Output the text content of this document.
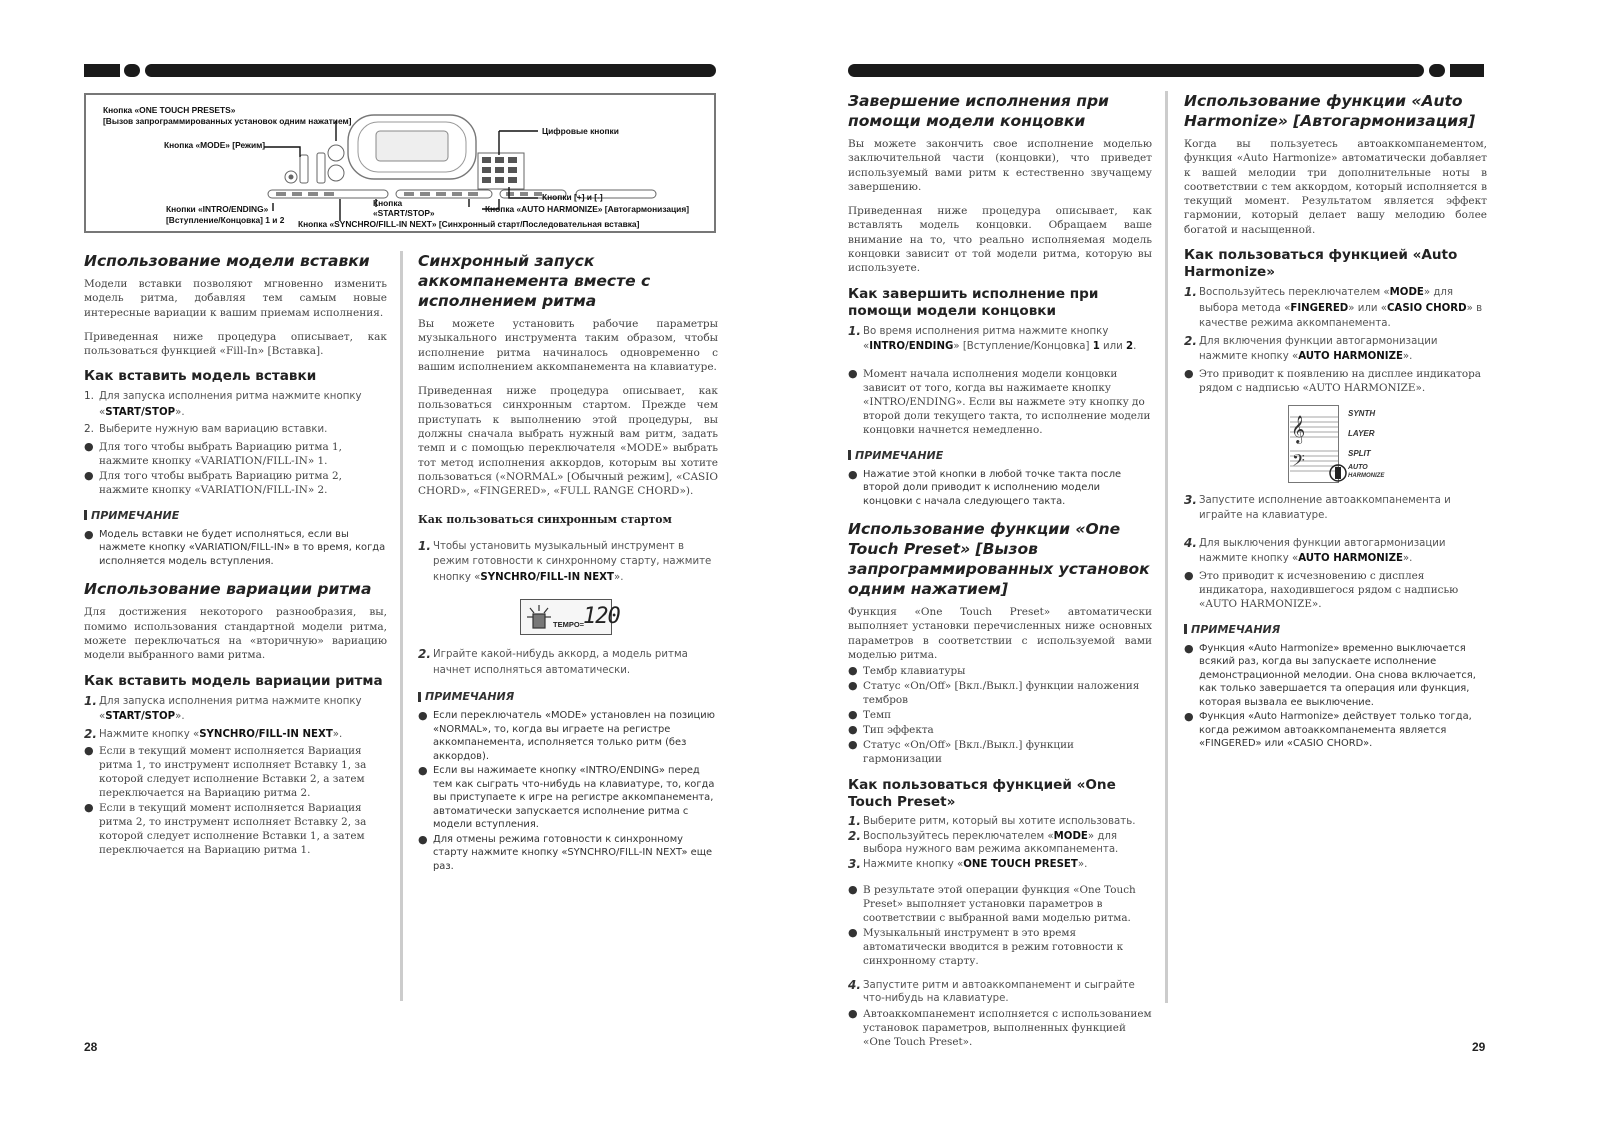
Кнопка «ONE TOUCH PRESETS»
[Вызов запрограммированных установок одним нажатием]
Кнопка «MODE» [Режим]
Цифровые кнопки
Кнопки [+] и [-]
Кнопки «INTRO/ENDING»
[Вступление/Концовка] 1 и 2
Кнопка
«START/STOP»	Кнопка «AUTO HARMONIZE» [Автогармонизация]
Кнопка «SYNCHRO/FILL-IN NEXT» [Синхронный старт/Последовательная вставка]
Использование модели вставки

Модели вставки позволяют мгновенно изменить модель ритма, добавляя тем самым новые интересные вариации к вашим приемам исполнения.

Приведенная ниже процедура описывает, как пользоваться функцией «Fill-In» [Вставка].

Как вставить модель вставки
1. Для запуска исполнения ритма нажмите кнопку «START/STOP».
2. Выберите нужную вам вариацию вставки.
● Для того чтобы выбрать Вариацию ритма 1, нажмите кнопку «VARIATION/FILL-IN» 1.
● Для того чтобы выбрать Вариацию ритма 2, нажмите кнопку «VARIATION/FILL-IN» 2.
ПРИМЕЧАНИЕ
● Модель вставки не будет исполняться, если вы нажмете кнопку «VARIATION/FILL-IN» в то время, когда исполняется модель вступления.
Использование вариации ритма

Для достижения некоторого разнообразия, вы, помимо использования стандартной модели ритма, можете переключаться на «вторичную» вариацию модели выбранного вами ритма.

Как вставить модель вариации ритма
1. Для запуска исполнения ритма нажмите кнопку «START/STOP».
2. Нажмите кнопку «SYNCHRO/FILL-IN NEXT».
● Если в текущий момент исполняется Вариация ритма 1, то инструмент исполняет Вставку 1, за которой следует исполнение Вставки 2, а затем переключается на Вариацию ритма 2.
● Если в текущий момент исполняется Вариация ритма 2, то инструмент исполняет Вставку 2, за которой следует исполнение Вставки 1, а затем переключается на Вариацию ритма 1.
Синхронный запуск аккомпанемента вместе с исполнением ритма

Вы можете установить рабочие параметры музыкального инструмента таким образом, чтобы исполнение ритма начиналось одновременно с вашим исполнением аккомпанемента на клавиатуре.

Приведенная ниже процедура описывает, как пользоваться синхронным стартом. Прежде чем приступать к выполнению этой процедуры, вы должны сначала выбрать нужный вам ритм, задать темп и с помощью переключателя «MODE» выбрать тот метод исполнения аккордов, которым вы хотите пользоваться («NORMAL» [Обычный режим], «CASIO CHORD», «FINGERED», «FULL RANGE CHORD»).

Как пользоваться синхронным стартом
1. Чтобы установить музыкальный инструмент в режим готовности к синхронному старту, нажмите кнопку «SYNCHRO/FILL-IN NEXT».
TEMPO=
120
2. Играйте какой-нибудь аккорд, а модель ритма начнет исполняться автоматически.
ПРИМЕЧАНИЯ
● Если переключатель «MODE» установлен на позицию «NORMAL», то, когда вы играете на регистре аккомпанемента, исполняется только ритм (без аккордов).
● Если вы нажимаете кнопку «INTRO/ENDING» перед тем как сыграть что-нибудь на клавиатуре, то, когда вы приступаете к игре на регистре аккомпанемента, автоматически запускается исполнение ритма с модели вступления.
● Для отмены режима готовности к синхронному старту нажмите кнопку «SYNCHRO/FILL-IN NEXT» еще раз.
28
Завершение исполнения при помощи модели концовки

Вы можете закончить свое исполнение моделью заключительной части (концовки), что приведет используемый вами ритм к естественно звучащему завершению.

Приведенная ниже процедура описывает, как вставлять модель концовки. Обращаем ваше внимание на то, что реально исполняемая модель концовки зависит от той модели ритма, которую вы используете.

Как завершить исполнение при помощи модели концовки
1. Во время исполнения ритма нажмите кнопку «INTRO/ENDING» [Вступление/Концовка] 1 или 2.
● Момент начала исполнения модели концовки зависит от того, когда вы нажимаете кнопку «INTRO/ENDING». Если вы нажмете эту кнопку до второй доли текущего такта, то исполнение модели концовки начнется немедленно.
ПРИМЕЧАНИЕ
● Нажатие этой кнопки в любой точке такта после второй доли приводит к исполнению модели концовки с начала следующего такта.
Использование функции «One Touch Preset» [Вызов запрограммированных установок одним нажатием]

Функция «One Touch Preset» автоматически выполняет установки перечисленных ниже основных параметров в соответствии с используемой вами моделью ритма.

● Тембр клавиатуры
● Статус «On/Off» [Вкл./Выкл.] функции наложения тембров
● Темп
● Тип эффекта
● Статус «On/Off» [Вкл./Выкл.] функции гармонизации
Как пользоваться функцией «One Touch Preset»
1. Выберите ритм, который вы хотите использовать.
2. Воспользуйтесь переключателем «MODE» для выбора нужного вам режима аккомпанемента.
3. Нажмите кнопку «ONE TOUCH PRESET».
● В результате этой операции функция «One Touch Preset» выполняет установки параметров в соответствии с выбранной вами моделью ритма.
● Музыкальный инструмент в это время автоматически вводится в режим готовности к синхронному старту.
4. Запустите ритм и автоаккомпанемент и сыграйте что-нибудь на клавиатуре.
● Автоаккомпанемент исполняется с использованием установок параметров, выполненных функцией «One Touch Preset».
Использование функции «Auto Harmonize» [Автогармонизация]

Когда вы пользуетесь автоаккомпанементом, функция «Auto Harmonize» автоматически добавляет к вашей мелодии три дополнительные ноты в соответствии с тем аккордом, который исполняется в текущий момент. Результатом является эффект гармонии, который делает вашу мелодию более богатой и насыщенной.

Как пользоваться функцией «Auto Harmonize»
1. Воспользуйтесь переключателем «MODE» для выбора метода «FINGERED» или «CASIO CHORD» в качестве режима аккомпанемента.
2. Для включения функции автогармонизации нажмите кнопку «AUTO HARMONIZE».
● Это приводит к появлению на дисплее индикатора рядом с надписью «AUTO HARMONIZE».
𝄞
𝄢
SYNTH
LAYER
SPLIT
AUTO
HARMONIZE
3. Запустите исполнение автоаккомпанемента и играйте на клавиатуре.
4. Для выключения функции автогармонизации нажмите кнопку «AUTO HARMONIZE».
● Это приводит к исчезновению с дисплея индикатора, находившегося рядом с надписью «AUTO HARMONIZE».
ПРИМЕЧАНИЯ
● Функция «Auto Harmonize» временно выключается всякий раз, когда вы запускаете исполнение демонстрационной мелодии. Она снова включается, как только завершается та операция или функция, которая вызвала ее выключение.
● Функция «Auto Harmonize» действует только тогда, когда режимом автоаккомпанемента является «FINGERED» или «CASIO CHORD».
29
